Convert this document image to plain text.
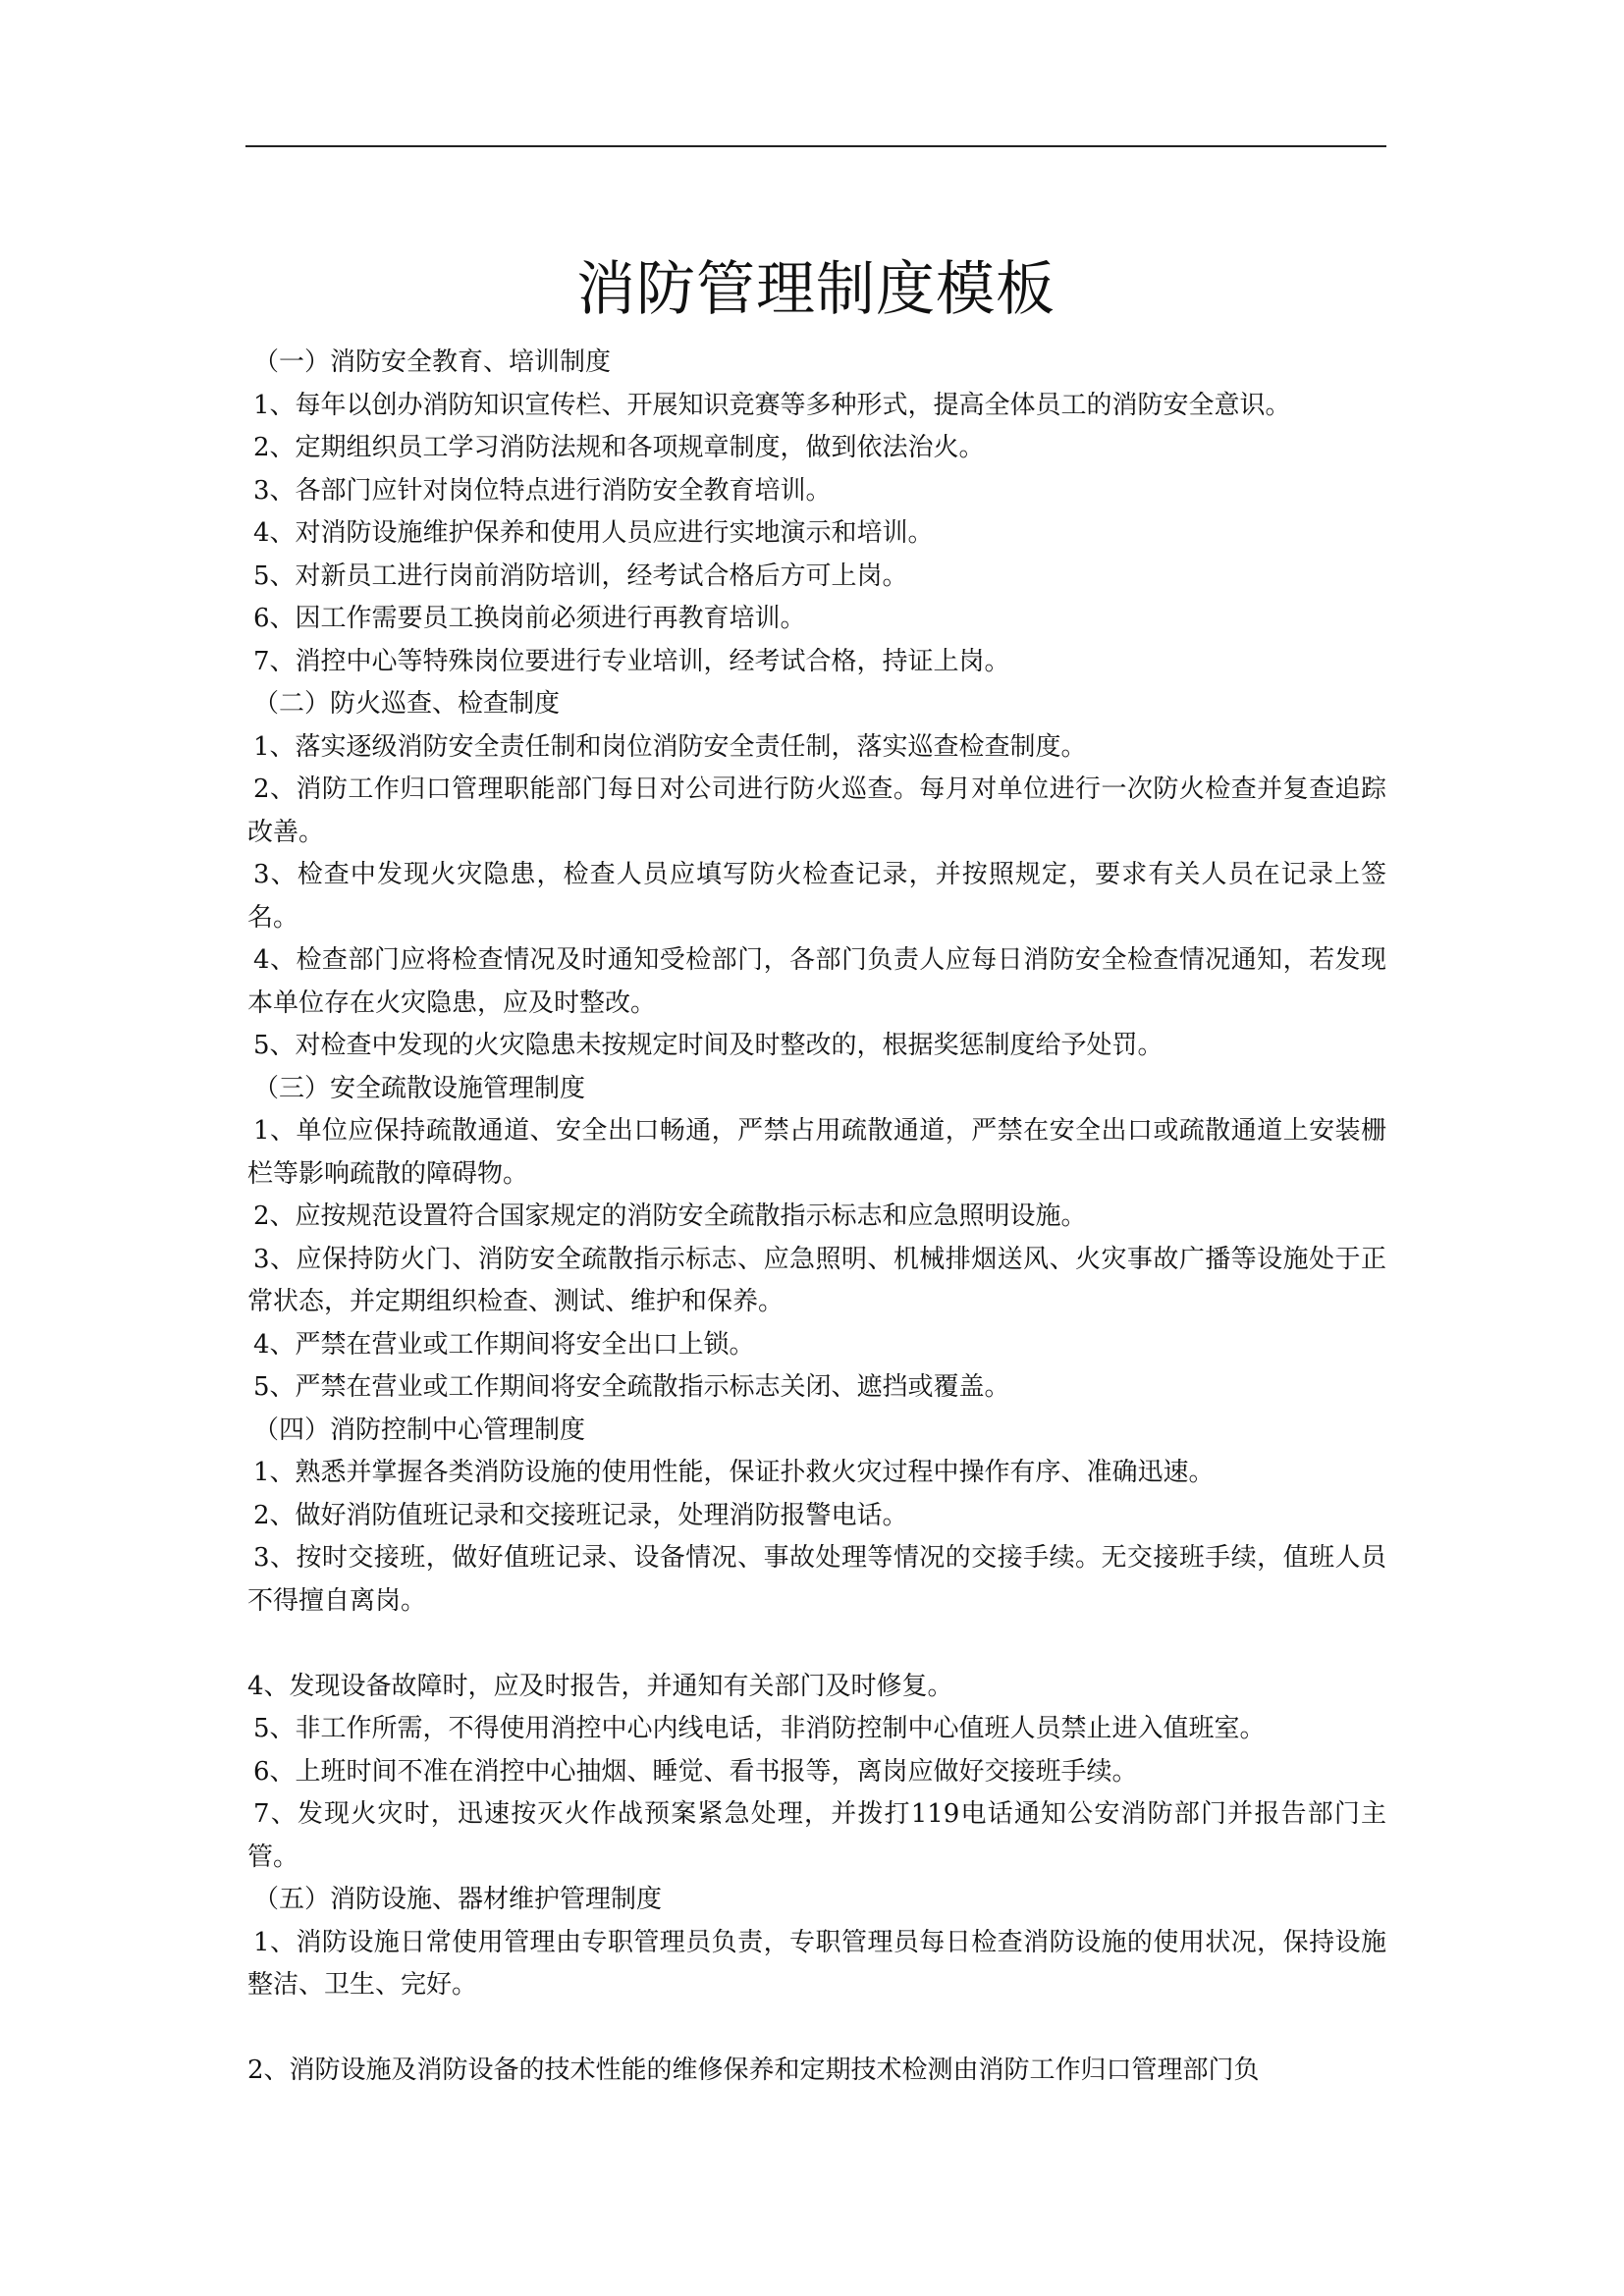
消防管理制度模板

（一）消防安全教育、培训制度

1、每年以创办消防知识宣传栏、开展知识竞赛等多种形式，提高全体员工的消防安全意识。

2、定期组织员工学习消防法规和各项规章制度，做到依法治火。

3、各部门应针对岗位特点进行消防安全教育培训。

4、对消防设施维护保养和使用人员应进行实地演示和培训。

5、对新员工进行岗前消防培训，经考试合格后方可上岗。

6、因工作需要员工换岗前必须进行再教育培训。

7、消控中心等特殊岗位要进行专业培训，经考试合格，持证上岗。

（二）防火巡查、检查制度

1、落实逐级消防安全责任制和岗位消防安全责任制，落实巡查检查制度。

2、消防工作归口管理职能部门每日对公司进行防火巡查。每月对单位进行一次防火检查并复查追踪改善。

3、检查中发现火灾隐患，检查人员应填写防火检查记录，并按照规定，要求有关人员在记录上签名。

4、检查部门应将检查情况及时通知受检部门，各部门负责人应每日消防安全检查情况通知，若发现本单位存在火灾隐患，应及时整改。

5、对检查中发现的火灾隐患未按规定时间及时整改的，根据奖惩制度给予处罚。

（三）安全疏散设施管理制度

1、单位应保持疏散通道、安全出口畅通，严禁占用疏散通道，严禁在安全出口或疏散通道上安装栅栏等影响疏散的障碍物。

2、应按规范设置符合国家规定的消防安全疏散指示标志和应急照明设施。

3、应保持防火门、消防安全疏散指示标志、应急照明、机械排烟送风、火灾事故广播等设施处于正常状态，并定期组织检查、测试、维护和保养。

4、严禁在营业或工作期间将安全出口上锁。

5、严禁在营业或工作期间将安全疏散指示标志关闭、遮挡或覆盖。

（四）消防控制中心管理制度

1、熟悉并掌握各类消防设施的使用性能，保证扑救火灾过程中操作有序、准确迅速。

2、做好消防值班记录和交接班记录，处理消防报警电话。

3、按时交接班，做好值班记录、设备情况、事故处理等情况的交接手续。无交接班手续，值班人员不得擅自离岗。

4、发现设备故障时，应及时报告，并通知有关部门及时修复。

5、非工作所需，不得使用消控中心内线电话，非消防控制中心值班人员禁止进入值班室。

6、上班时间不准在消控中心抽烟、睡觉、看书报等，离岗应做好交接班手续。

7、发现火灾时，迅速按灭火作战预案紧急处理，并拨打119电话通知公安消防部门并报告部门主管。

（五）消防设施、器材维护管理制度

1、消防设施日常使用管理由专职管理员负责，专职管理员每日检查消防设施的使用状况，保持设施整洁、卫生、完好。

2、消防设施及消防设备的技术性能的维修保养和定期技术检测由消防工作归口管理部门负
